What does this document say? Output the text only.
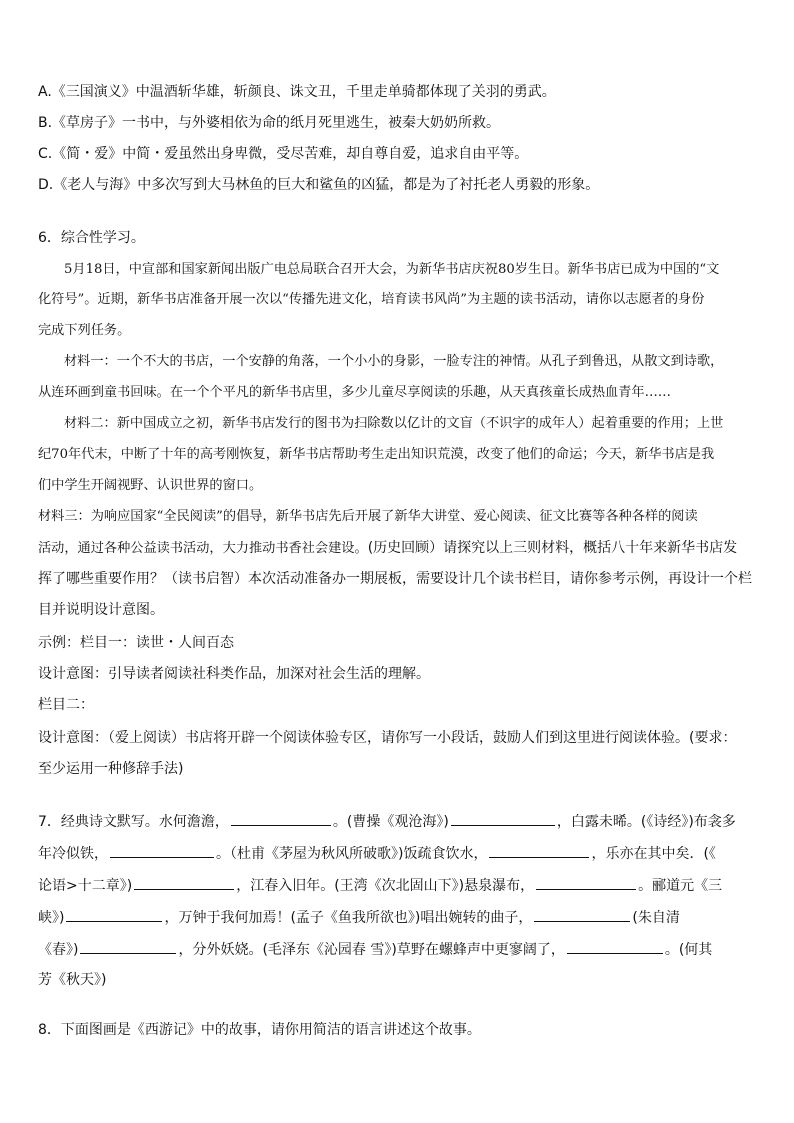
A.《三国演义》中温酒斩华雄，斩颜良、诛文丑，千里走单骑都体现了关羽的勇武。
B.《草房子》一书中，与外婆相依为命的纸月死里逃生，被秦大奶奶所救。
C.《简・爱》中简・爱虽然出身卑微，受尽苦难，却自尊自爱，追求自由平等。
D.《老人与海》中多次写到大马林鱼的巨大和鲨鱼的凶猛，都是为了衬托老人勇毅的形象。
6．综合性学习。
5月18日，中宣部和国家新闻出版广电总局联合召开大会，为新华书店庆祝80岁生日。新华书店已成为中国的“文
化符号”。近期，新华书店准备开展一次以“传播先进文化，培育读书风尚”为主题的读书活动，请你以志愿者的身份
完成下列任务。
材料一：一个不大的书店，一个安静的角落，一个小小的身影，一脸专注的神情。从孔子到鲁迅，从散文到诗歌，
从连环画到童书回味。在一个个平凡的新华书店里，多少儿童尽享阅读的乐趣，从天真孩童长成热血青年……
材料二：新中国成立之初，新华书店发行的图书为扫除数以亿计的文盲（不识字的成年人）起着重要的作用；上世
纪70年代末，中断了十年的高考刚恢复，新华书店帮助考生走出知识荒漠，改变了他们的命运；今天，新华书店是我
们中学生开阔视野、认识世界的窗口。
材料三：为响应国家“全民阅读”的倡导，新华书店先后开展了新华大讲堂、爱心阅读、征文比赛等各种各样的阅读
活动，通过各种公益读书活动，大力推动书香社会建设。(历史回顾）请探究以上三则材料，概括八十年来新华书店发
挥了哪些重要作用？（读书启智）本次活动准备办一期展板，需要设计几个读书栏目，请你参考示例，再设计一个栏
目并说明设计意图。
示例：栏目一：读世・人间百态
设计意图：引导读者阅读社科类作品，加深对社会生活的理解。
栏目二：
设计意图：（爱上阅读）书店将开辟一个阅读体验专区，请你写一小段话，鼓励人们到这里进行阅读体验。(要求：
至少运用一种修辞手法)
7．经典诗文默写。水何澹澹，	。(曹操《观沧海》)	，白露未晞。(《诗经》)布衾多
年冷似铁，	。（杜甫《茅屋为秋风所破歌》)饭疏食饮水，	，乐亦在其中矣．(《
论语>十二章》)	，江春入旧年。(王湾《次北固山下》)悬泉瀑布，	。郦道元《三
峡》)	，万钟于我何加焉！(孟子《鱼我所欲也》)唱出婉转的曲子，	(朱自清
《春》)	，分外妖娆。(毛泽东《沁园春 雪》)草野在螺蜂声中更寥阔了，	。(何其
芳《秋天》)
8．下面图画是《西游记》中的故事，请你用简洁的语言讲述这个故事。
